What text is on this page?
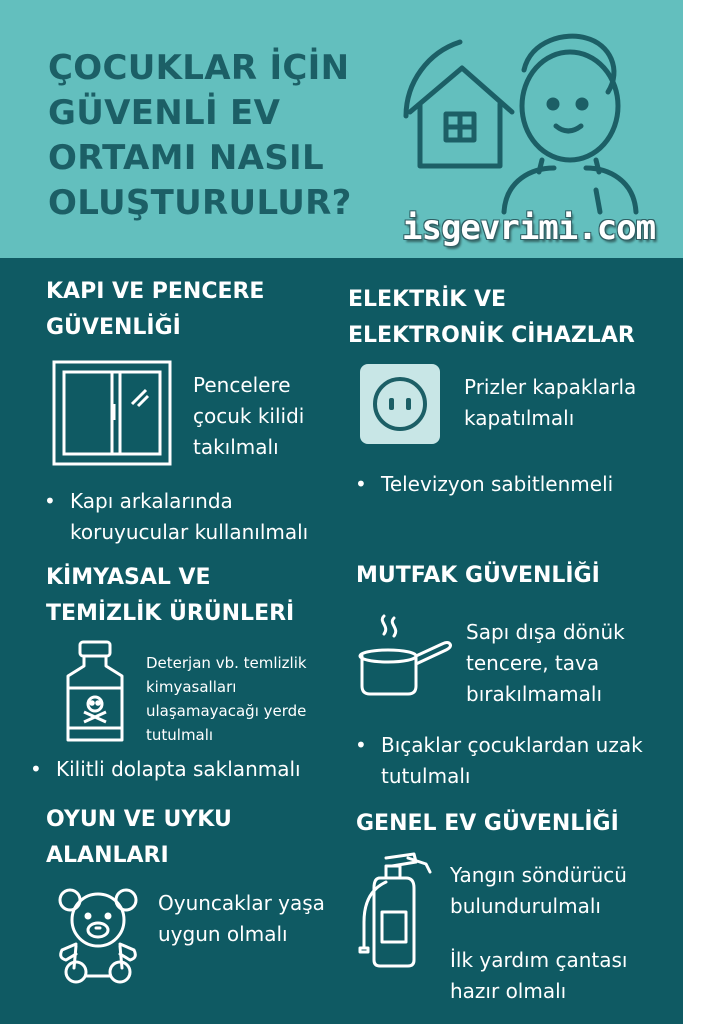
ÇOCUKLAR İÇİN
GÜVENLİ EV
ORTAMI NASIL
OLUŞTURULUR?
isgevrimi.com
KAPI VE PENCERE
GÜVENLİĞİ
Pencelere
çocuk kilidi
takılmalı
• Kapı arkalarında
koruyucular kullanılmalı
ELEKTRİK VE
ELEKTRONİK CİHAZLAR
Prizler kapaklarla
kapatılmalı
• Televizyon sabitlenmeli
KİMYASAL VE
TEMİZLİK ÜRÜNLERİ
Deterjan vb. temlizlik
kimyasalları
ulaşamayacağı yerde
tutulmalı
• Kilitli dolapta saklanmalı
MUTFAK GÜVENLİĞİ
Sapı dışa dönük
tencere, tava
bırakılmamalı
• Bıçaklar çocuklardan uzak
tutulmalı
OYUN VE UYKU
ALANLARI
Oyuncaklar yaşa
uygun olmalı
GENEL EV GÜVENLİĞİ
Yangın söndürücü
bulundurulmalı
İlk yardım çantası
hazır olmalı
